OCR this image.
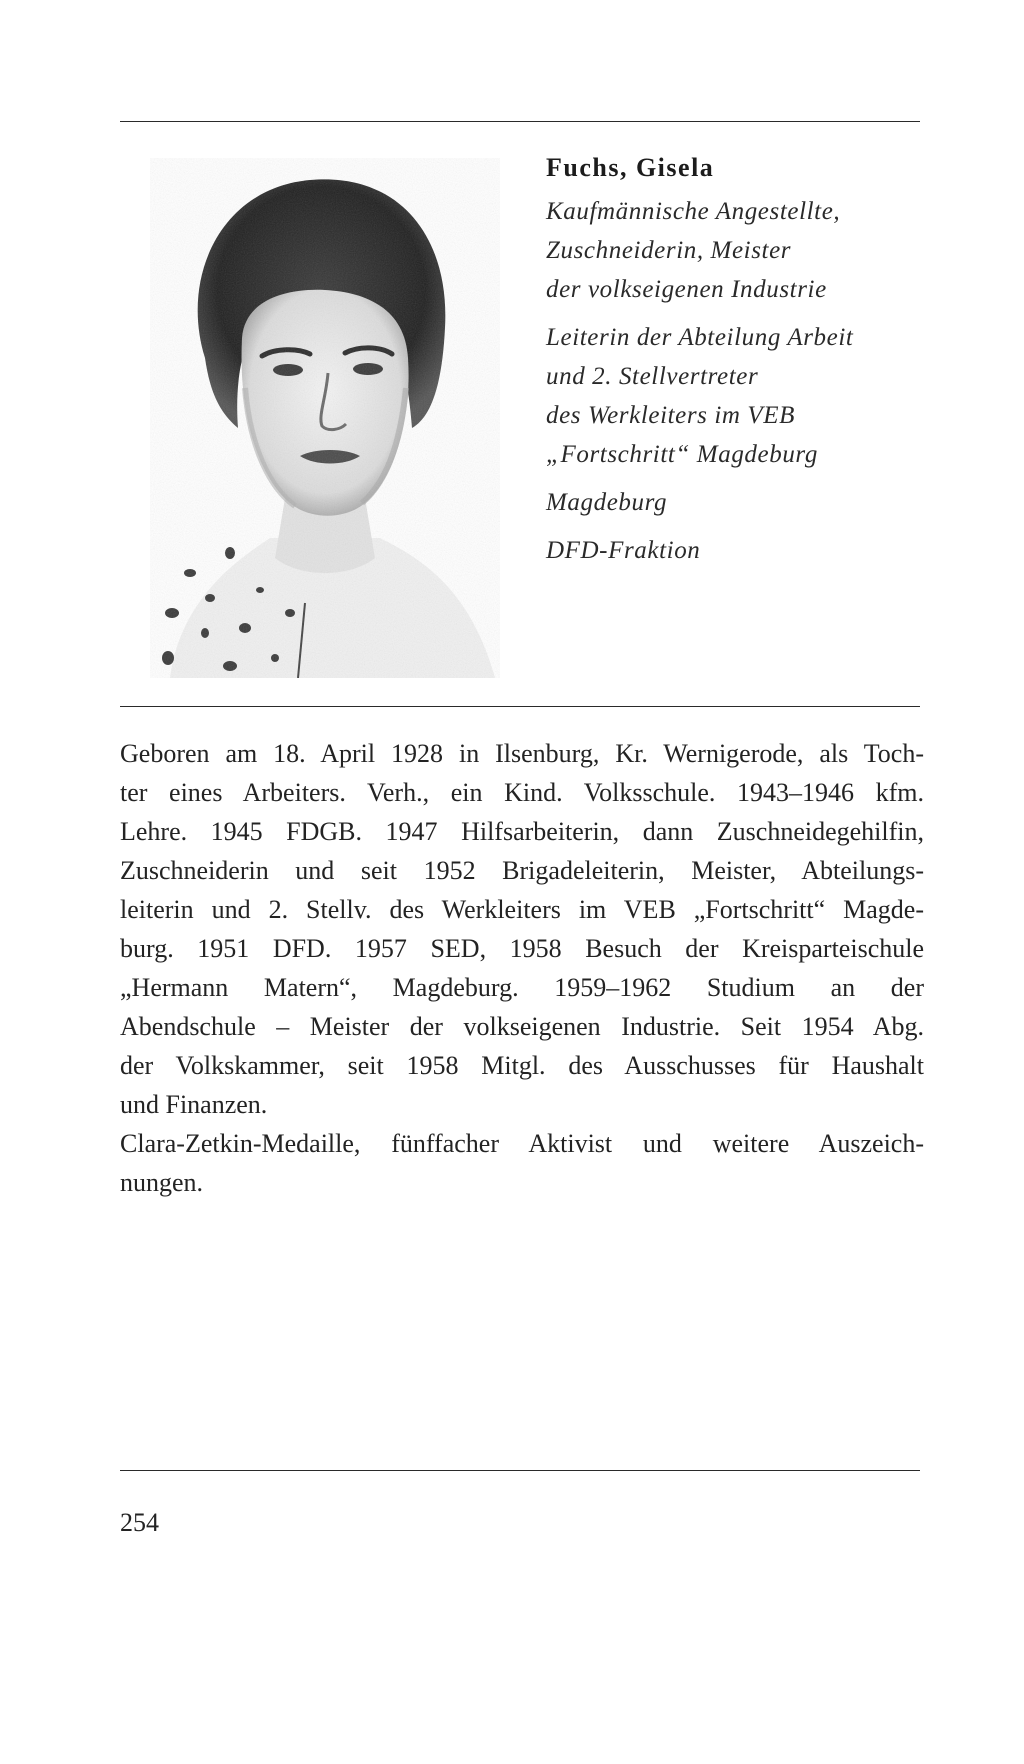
Fuchs, Gisela
Kaufmännische Angestellte,
Zuschneiderin, Meister
der volkseigenen Industrie
Leiterin der Abteilung Arbeit
und 2. Stellvertreter
des Werkleiters im VEB
„Fortschritt“ Magdeburg
Magdeburg
DFD-Fraktion
Geboren am 18. April 1928 in Ilsenburg, Kr. Wernigerode, als Toch-
ter eines Arbeiters. Verh., ein Kind. Volksschule. 1943–1946 kfm.
Lehre. 1945 FDGB. 1947 Hilfsarbeiterin, dann Zuschneidegehilfin,
Zuschneiderin und seit 1952 Brigadeleiterin, Meister, Abteilungs-
leiterin und 2. Stellv. des Werkleiters im VEB „Fortschritt“ Magde-
burg. 1951 DFD. 1957 SED, 1958 Besuch der Kreisparteischule
„Hermann Matern“, Magdeburg. 1959–1962 Studium an der
Abendschule – Meister der volkseigenen Industrie. Seit 1954 Abg.
der Volkskammer, seit 1958 Mitgl. des Ausschusses für Haushalt
und Finanzen.
Clara-Zetkin-Medaille, fünffacher Aktivist und weitere Auszeich-
nungen.
254
